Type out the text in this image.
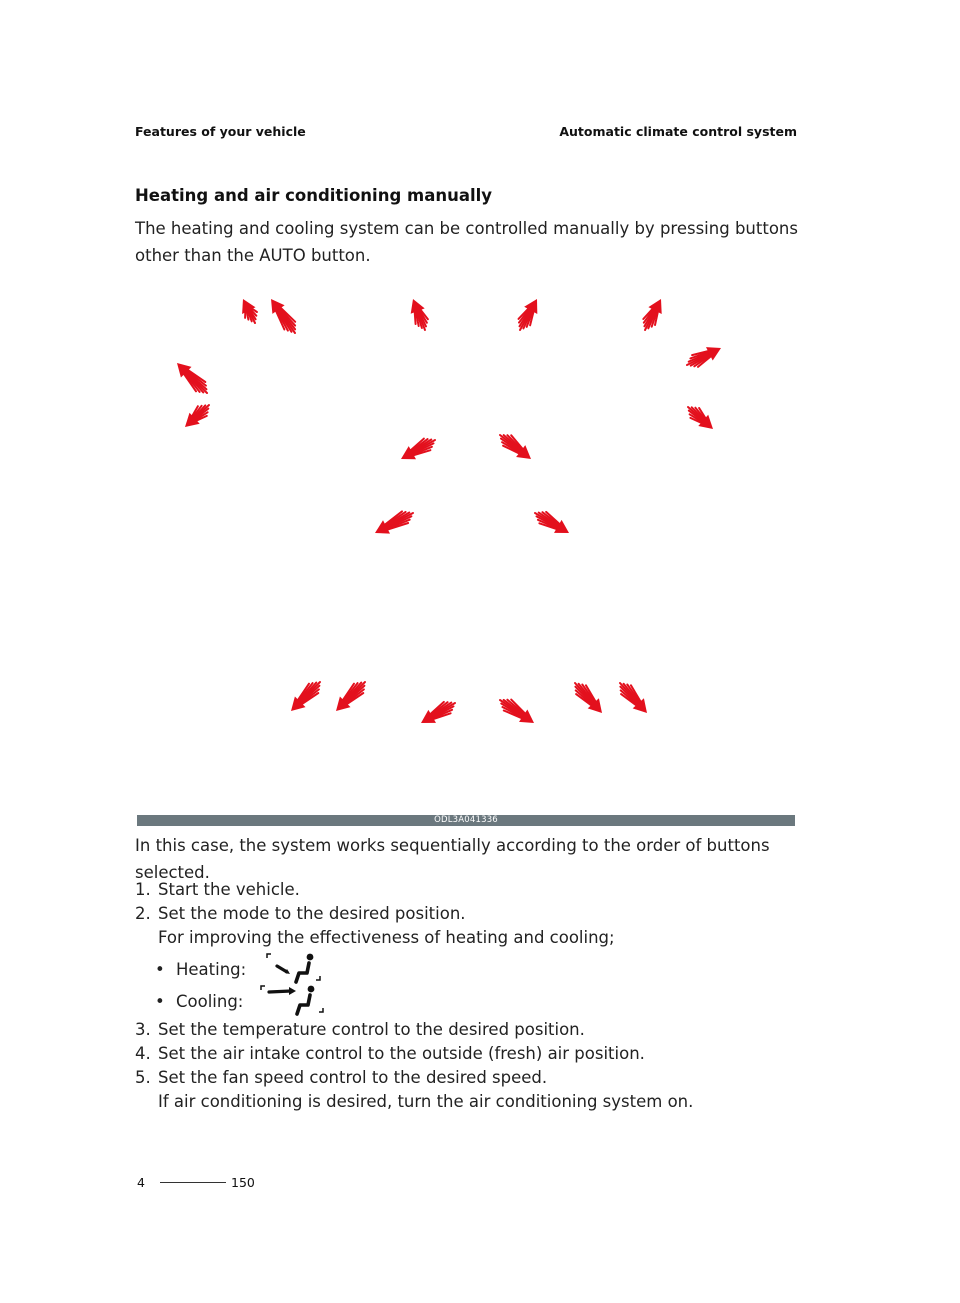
Features of your vehicle	Automatic climate control system
Heating and air conditioning manually
The heating and cooling system can be controlled manually by pressing buttons other than the AUTO button.
ODL3A041336
In this case, the system works sequentially according to the order of buttons selected.
1. Start the vehicle.
2. Set the mode to the desired position.
For improving the effectiveness of heating and cooling;
• Heating:
• Cooling:
3. Set the temperature control to the desired position.
4. Set the air intake control to the outside (fresh) air position.
5. Set the fan speed control to the desired speed.
If air conditioning is desired, turn the air conditioning system on.
4	150
